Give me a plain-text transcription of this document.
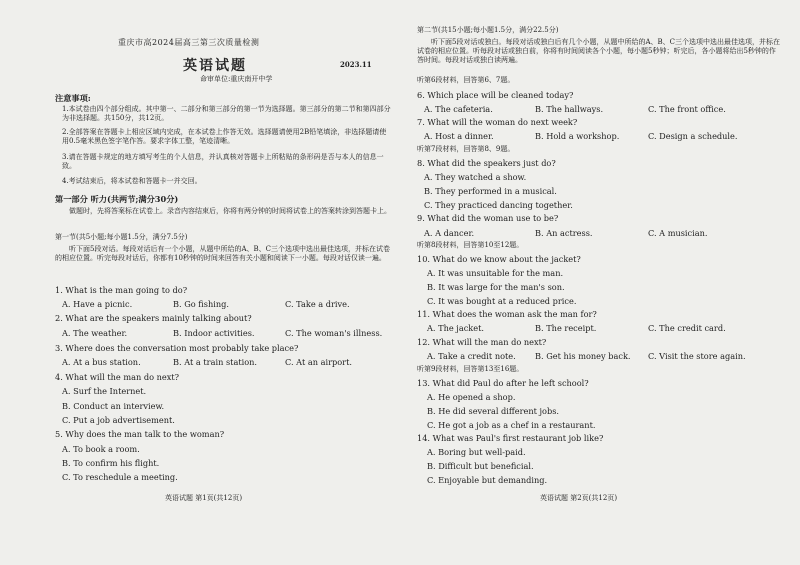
重庆市高2024届高三第三次质量检测
英语试题	2023.11
命审单位:重庆南开中学
注意事项:
1.本试卷由四个部分组成。其中第一、二部分和第三部分的第一节为选择题。第三部分的第二节和第四部分为非选择题。共150分，共12页。
2.全部答案在答题卡上相应区域内完成，在本试卷上作答无效。选择题请使用2B铅笔填涂，非选择题请使用0.5毫米黑色签字笔作答。要求字体工整，笔迹清晰。
3.请在答题卡规定的地方填写考生的个人信息，并认真核对答题卡上所粘贴的条形码是否与本人的信息一致。
4.考试结束后，将本试卷和答题卡一并交回。
第一部分 听力(共两节;满分30分)
做题时，先将答案标在试卷上。录音内容结束后，你将有两分钟的时间将试卷上的答案转涂到答题卡上。
第一节(共5小题;每小题1.5分，满分7.5分)
听下面5段对话。每段对话后有一个小题，从题中所给的A、B、C三个选项中选出最佳选项，并标在试卷的相应位置。听完每段对话后，你都有10秒钟的时间来回答有关小题和阅读下一小题。每段对话仅读一遍。
1. What is the man going to do?
A. Have a picnic.	B. Go fishing.	C. Take a drive.
2. What are the speakers mainly talking about?
A. The weather.	B. Indoor activities.	C. The woman's illness.
3. Where does the conversation most probably take place?
A. At a bus station.	B. At a train station.	C. At an airport.
4. What will the man do next?
A. Surf the Internet.
B. Conduct an interview.
C. Put a job advertisement.
5. Why does the man talk to the woman?
A. To book a room.
B. To confirm his flight.
C. To reschedule a meeting.
英语试题 第1页(共12页)
第二节(共15小题;每小题1.5分，满分22.5分)
听下面5段对话或独白。每段对话或独白后有几个小题，从题中所给的A、B、C三个选项中选出最佳选项，并标在试卷的相应位置。听每段对话或独白前，你将有时间阅读各个小题，每小题5秒钟；听完后，各小题将给出5秒钟的作答时间。每段对话或独白读两遍。
听第6段材料，回答第6、7题。
6. Which place will be cleaned today?
A. The cafeteria.	B. The hallways.	C. The front office.
7. What will the woman do next week?
A. Host a dinner.	B. Hold a workshop.	C. Design a schedule.
听第7段材料，回答第8、9题。
8. What did the speakers just do?
A. They watched a show.
B. They performed in a musical.
C. They practiced dancing together.
9. What did the woman use to be?
A. A dancer.	B. An actress.	C. A musician.
听第8段材料，回答第10至12题。
10. What do we know about the jacket?
A. It was unsuitable for the man.
B. It was large for the man's son.
C. It was bought at a reduced price.
11. What does the woman ask the man for?
A. The jacket.	B. The receipt.	C. The credit card.
12. What will the man do next?
A. Take a credit note. B. Get his money back. C. Visit the store again.
听第9段材料，回答第13至16题。
13. What did Paul do after he left school?
A. He opened a shop.
B. He did several different jobs.
C. He got a job as a chef in a restaurant.
14. What was Paul's first restaurant job like?
A. Boring but well-paid.
B. Difficult but beneficial.
C. Enjoyable but demanding.
英语试题 第2页(共12页)
